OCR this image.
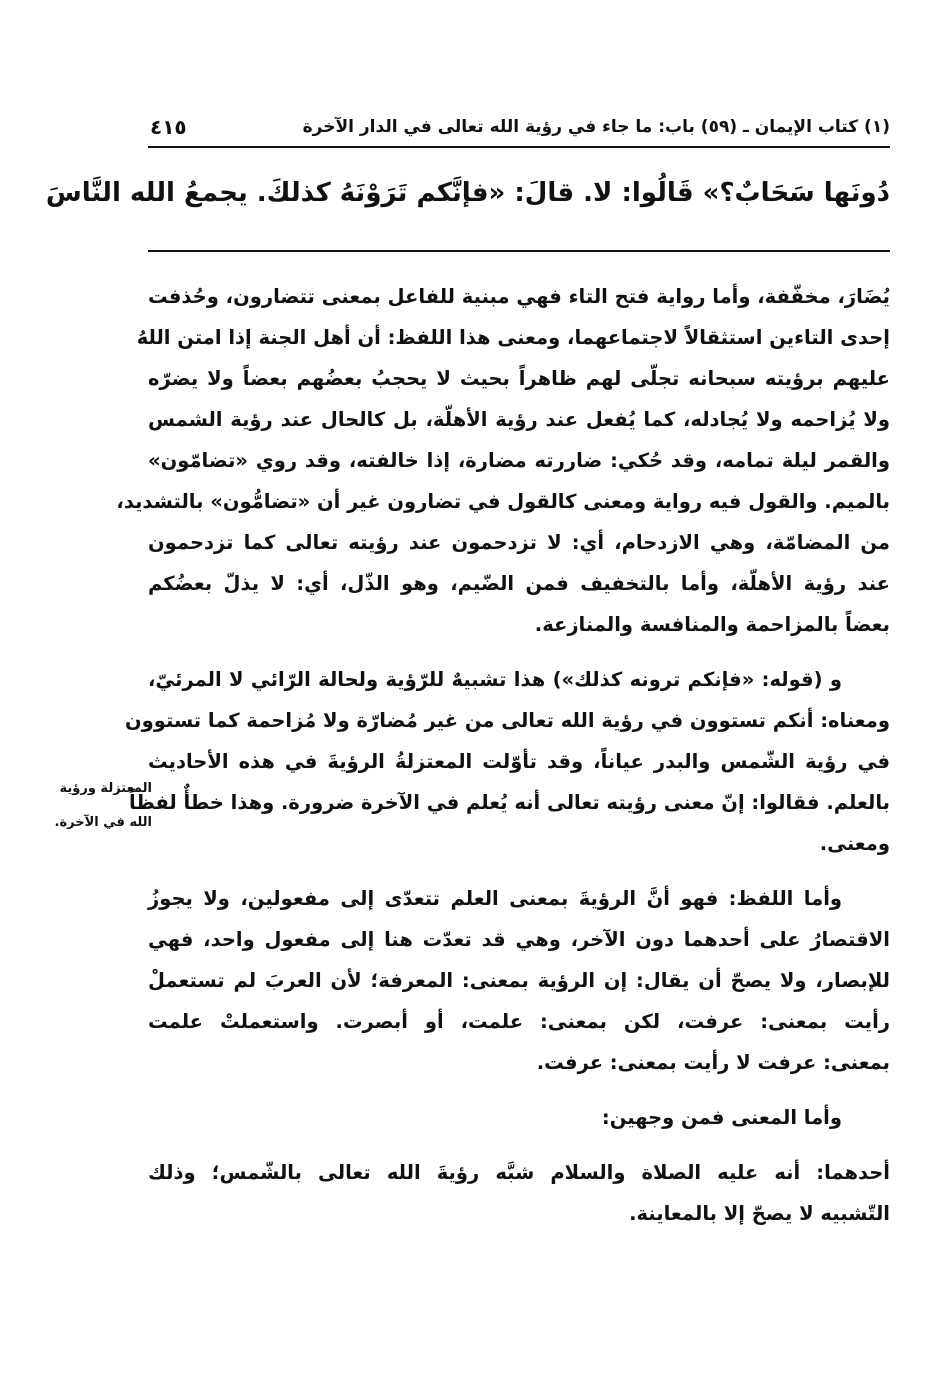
(١) كتاب الإيمان ـ (٥٩) باب: ما جاء في رؤية الله تعالى في الدار الآخرة
٤١٥
دُونَها سَحَابٌ؟» قَالُوا: لا. قالَ: «فإنَّكم تَرَوْنَهُ كذلكَ. يجمعُ الله النَّاسَ
يُضَارَ، مخفّفة، وأما رواية فتح التاء فهي مبنية للفاعل بمعنى تتضارون، وحُذفت
إحدى التاءين استثقالاً لاجتماعهما، ومعنى هذا اللفظ: أن أهل الجنة إذا امتن اللهُ
عليهم برؤيته سبحانه تجلّى لهم ظاهراً بحيث لا يحجبُ بعضُهم بعضاً ولا يضرّه
ولا يُزاحمه ولا يُجادله، كما يُفعل عند رؤية الأهلّة، بل كالحال عند رؤية الشمس
والقمر ليلة تمامه، وقد حُكي: ضاررته مضارة، إذا خالفته، وقد روي «تضامّون»
بالميم. والقول فيه رواية ومعنى كالقول في تضارون غير أن «تضامُّون» بالتشديد،
من المضامّة، وهي الازدحام، أي: لا تزدحمون عند رؤيته تعالى كما تزدحمون
عند رؤية الأهلّة، وأما بالتخفيف فمن الضّيم، وهو الذّل، أي: لا يذلّ بعضُكم
بعضاً بالمزاحمة والمنافسة والمنازعة.
و (قوله: «فإنكم ترونه كذلك») هذا تشبيهٌ للرّؤية ولحالة الرّائي لا المرئيّ،
ومعناه: أنكم تستوون في رؤية الله تعالى من غير مُضارّة ولا مُزاحمة كما تستوون
في رؤية الشّمس والبدر عياناً، وقد تأوّلت المعتزلةُ الرؤيةَ في هذه الأحاديث
بالعلم. فقالوا: إنّ معنى رؤيته تعالى أنه يُعلم في الآخرة ضرورة. وهذا خطأٌ لفظاً
ومعنى.
وأما اللفظ: فهو أنَّ الرؤيةَ بمعنى العلم تتعدّى إلى مفعولين، ولا يجوزُ
الاقتصارُ على أحدهما دون الآخر، وهي قد تعدّت هنا إلى مفعول واحد، فهي
للإبصار، ولا يصحّ أن يقال: إن الرؤية بمعنى: المعرفة؛ لأن العربَ لم تستعملْ
رأيت بمعنى: عرفت، لكن بمعنى: علمت، أو أبصرت. واستعملتْ علمت
بمعنى: عرفت لا رأيت بمعنى: عرفت.
وأما المعنى فمن وجهين:
أحدهما: أنه عليه الصلاة والسلام شبَّه رؤيةَ الله تعالى بالشّمس؛ وذلك
التّشبيه لا يصحّ إلا بالمعاينة.
المعتزلة ورؤية
الله في الآخرة.
